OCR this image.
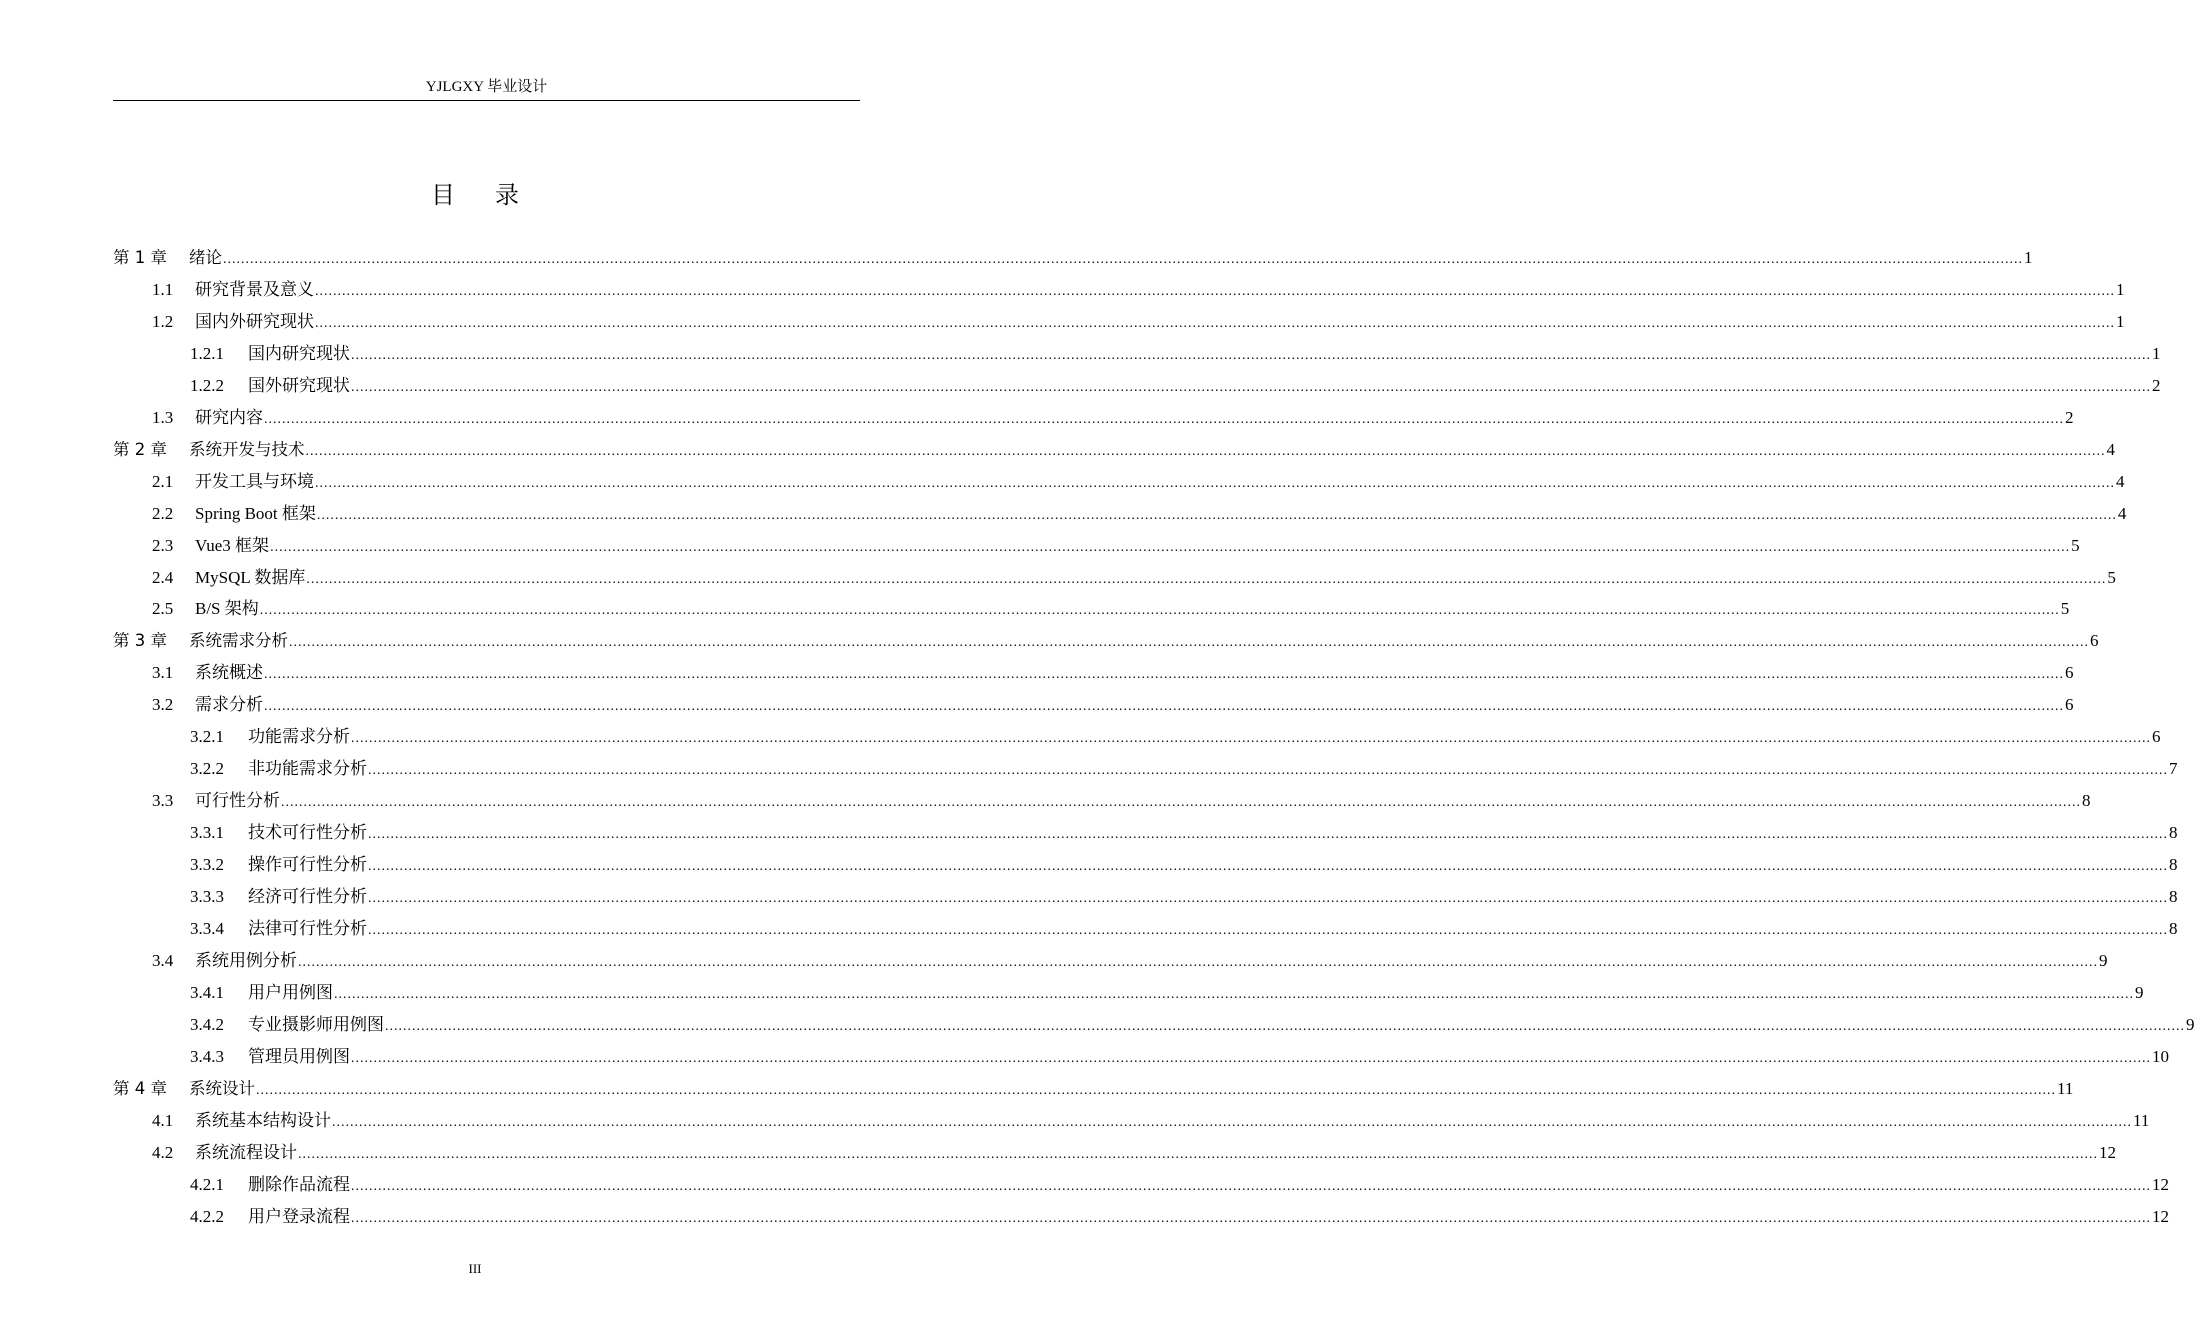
YJLGXY 毕业设计
目 录
第 1 章	绪论 ................................................................................................................................................................................................................................................................................................................................................................................................................ 1
1.1	研究背景及意义 ................................................................................................................................................................................................................................................................................................................................................................................................................ 1
1.2	国内外研究现状 ................................................................................................................................................................................................................................................................................................................................................................................................................ 1
1.2.1	国内研究现状 ................................................................................................................................................................................................................................................................................................................................................................................................................ 1
1.2.2	国外研究现状 ................................................................................................................................................................................................................................................................................................................................................................................................................ 2
1.3	研究内容 ................................................................................................................................................................................................................................................................................................................................................................................................................ 2
第 2 章	系统开发与技术 ................................................................................................................................................................................................................................................................................................................................................................................................................ 4
2.1	开发工具与环境 ................................................................................................................................................................................................................................................................................................................................................................................................................ 4
2.2	Spring Boot 框架 ................................................................................................................................................................................................................................................................................................................................................................................................................ 4
2.3	Vue3 框架 ................................................................................................................................................................................................................................................................................................................................................................................................................ 5
2.4	MySQL 数据库 ................................................................................................................................................................................................................................................................................................................................................................................................................ 5
2.5	B/S 架构 ................................................................................................................................................................................................................................................................................................................................................................................................................ 5
第 3 章	系统需求分析 ................................................................................................................................................................................................................................................................................................................................................................................................................ 6
3.1	系统概述 ................................................................................................................................................................................................................................................................................................................................................................................................................ 6
3.2	需求分析 ................................................................................................................................................................................................................................................................................................................................................................................................................ 6
3.2.1	功能需求分析 ................................................................................................................................................................................................................................................................................................................................................................................................................ 6
3.2.2	非功能需求分析 ................................................................................................................................................................................................................................................................................................................................................................................................................ 7
3.3	可行性分析 ................................................................................................................................................................................................................................................................................................................................................................................................................ 8
3.3.1	技术可行性分析 ................................................................................................................................................................................................................................................................................................................................................................................................................ 8
3.3.2	操作可行性分析 ................................................................................................................................................................................................................................................................................................................................................................................................................ 8
3.3.3	经济可行性分析 ................................................................................................................................................................................................................................................................................................................................................................................................................ 8
3.3.4	法律可行性分析 ................................................................................................................................................................................................................................................................................................................................................................................................................ 8
3.4	系统用例分析 ................................................................................................................................................................................................................................................................................................................................................................................................................ 9
3.4.1	用户用例图 ................................................................................................................................................................................................................................................................................................................................................................................................................ 9
3.4.2	专业摄影师用例图 ................................................................................................................................................................................................................................................................................................................................................................................................................ 9
3.4.3	管理员用例图 ................................................................................................................................................................................................................................................................................................................................................................................................................ 10
第 4 章	系统设计 ................................................................................................................................................................................................................................................................................................................................................................................................................ 11
4.1	系统基本结构设计 ................................................................................................................................................................................................................................................................................................................................................................................................................ 11
4.2	系统流程设计 ................................................................................................................................................................................................................................................................................................................................................................................................................ 12
4.2.1	删除作品流程 ................................................................................................................................................................................................................................................................................................................................................................................................................ 12
4.2.2	用户登录流程 ................................................................................................................................................................................................................................................................................................................................................................................................................ 12
III
